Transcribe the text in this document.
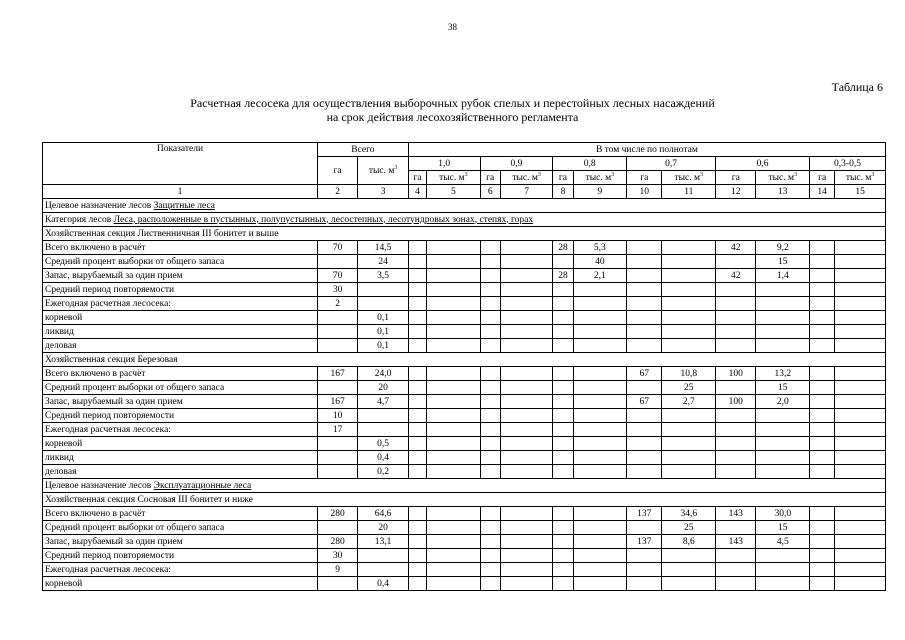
38
Таблица 6
Расчетная лесосека для осуществления выборочных рубок спелых и перестойных лесных насаждений
на срок действия лесохозяйственного регламента
Показатели	Всего		В том числе по полнотам											
	га	тыс. $м^3$	1,0		0,9		0,8		0,7		0,6		0,3-0,5	
			га	тыс. $м^3$	га	тыс. $м^3$	га	тыс. $м^3$	га	тыс. $м^3$	га	тыс. $м^3$	га	тыс. $м^3$
1	2	3	4	5	6	7	8	9	10	11	12	13	14	15
Целевое назначение лесов Защитные леса														
Категория лесов Леса, расположенные в пустынных, полупустынных, лесостепных, лесотундровых зонах, степях, горах														
Хозяйственная секция Лиственничная III бонитет и выше														
Всего включено в расчёт	70	14,5					28	5,3			42	9,2		
Средний процент выборки от общего запаса		24						40				15		
Запас, вырубаемый за один прием	70	3,5					28	2,1			42	1,4		
Средний период повторяемости	30													
Ежегодная расчетная лесосека:	2													
корневой		0,1												
ликвид		0,1												
деловая		0,1												
Хозяйственная секция Березовая														
Всего включено в расчёт	167	24,0							67	10,8	100	13,2		
Средний процент выборки от общего запаса		20								25		15		
Запас, вырубаемый за один прием	167	4,7							67	2,7	100	2,0		
Средний период повторяемости	10													
Ежегодная расчетная лесосека:	17													
корневой		0,5												
ликвид		0,4												
деловая		0,2												
Целевое назначение лесов Эксплуатационные леса														
Хозяйственная секция Сосновая III бонитет и ниже														
Всего включено в расчёт	280	64,6							137	34,6	143	30,0		
Средний процент выборки от общего запаса		20								25		15		
Запас, вырубаемый за один прием	280	13,1							137	8,6	143	4,5		
Средний период повторяемости	30													
Ежегодная расчетная лесосека:	9													
корневой		0,4												
